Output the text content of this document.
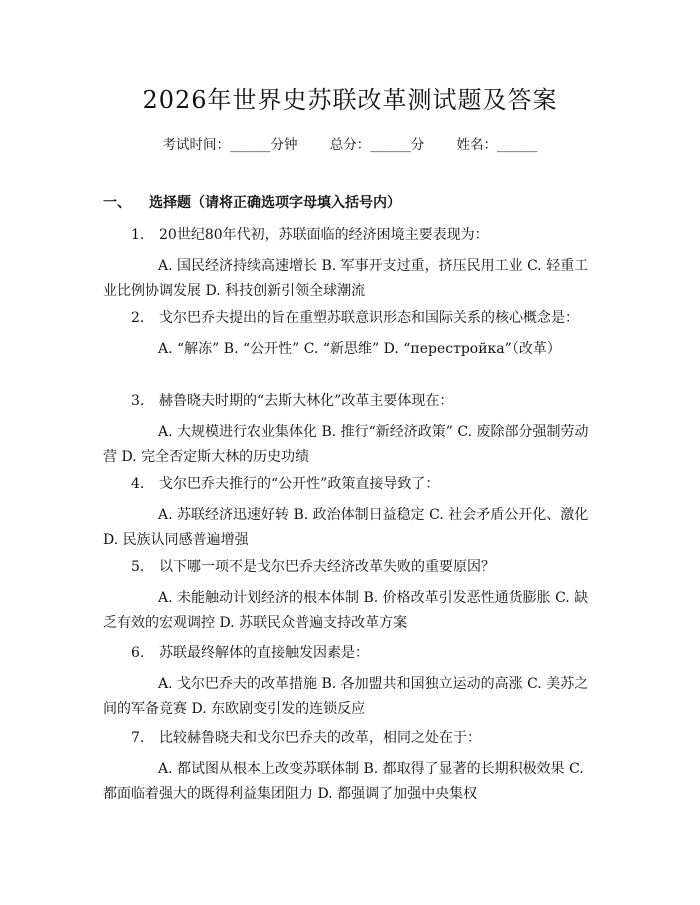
2026年世界史苏联改革测试题及答案
考试时间：______分钟 总分：______分 姓名：______
一、 选择题（请将正确选项字母填入括号内）
1. 20世纪80年代初，苏联面临的经济困境主要表现为：
A. 国民经济持续高速增长 B. 军事开支过重，挤压民用工业 C. 轻重工业比例协调发展 D. 科技创新引领全球潮流
2. 戈尔巴乔夫提出的旨在重塑苏联意识形态和国际关系的核心概念是：
A. “解冻” B. “公开性” C. “新思维” D. “перестройка”（改革）
3. 赫鲁晓夫时期的“去斯大林化”改革主要体现在：
A. 大规模进行农业集体化 B. 推行“新经济政策” C. 废除部分强制劳动营 D. 完全否定斯大林的历史功绩
4. 戈尔巴乔夫推行的“公开性”政策直接导致了：
A. 苏联经济迅速好转 B. 政治体制日益稳定 C. 社会矛盾公开化、激化 D. 民族认同感普遍增强
5. 以下哪一项不是戈尔巴乔夫经济改革失败的重要原因？
A. 未能触动计划经济的根本体制 B. 价格改革引发恶性通货膨胀 C. 缺乏有效的宏观调控 D. 苏联民众普遍支持改革方案
6. 苏联最终解体的直接触发因素是：
A. 戈尔巴乔夫的改革措施 B. 各加盟共和国独立运动的高涨 C. 美苏之间的军备竞赛 D. 东欧剧变引发的连锁反应
7. 比较赫鲁晓夫和戈尔巴乔夫的改革，相同之处在于：
A. 都试图从根本上改变苏联体制 B. 都取得了显著的长期积极效果 C. 都面临着强大的既得利益集团阻力 D. 都强调了加强中央集权
